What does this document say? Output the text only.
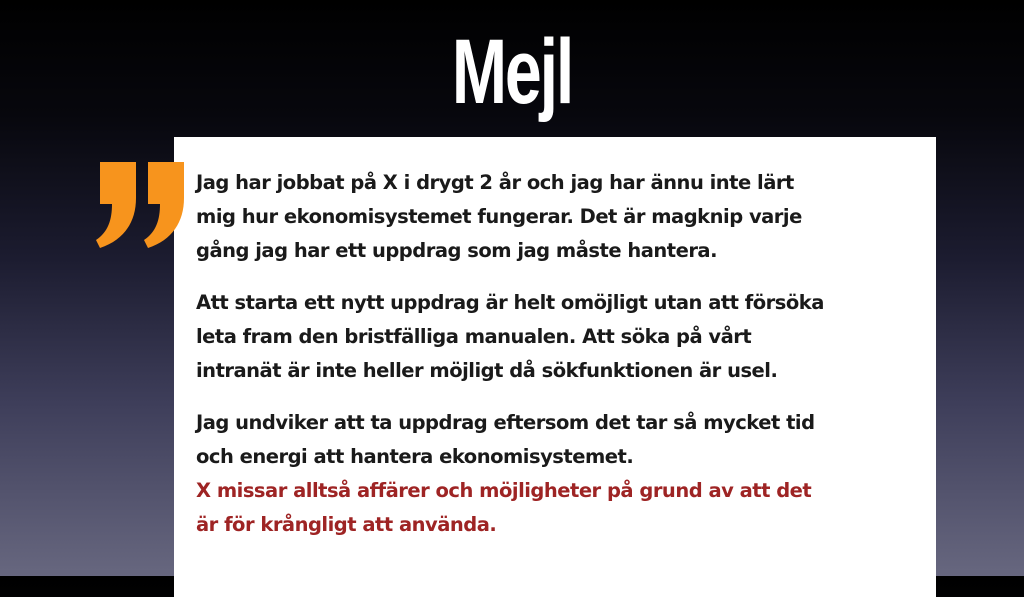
Mejl

Jag har jobbat på X i drygt 2 år och jag har ännu inte lärt
mig hur ekonomisystemet fungerar. Det är magknip varje
gång jag har ett uppdrag som jag måste hantera.

Att starta ett nytt uppdrag är helt omöjligt utan att försöka
leta fram den bristfälliga manualen. Att söka på vårt
intranät är inte heller möjligt då sökfunktionen är usel.

Jag undviker att ta uppdrag eftersom det tar så mycket tid
och energi att hantera ekonomisystemet.
X missar alltså affärer och möjligheter på grund av att det
är för krångligt att använda.
